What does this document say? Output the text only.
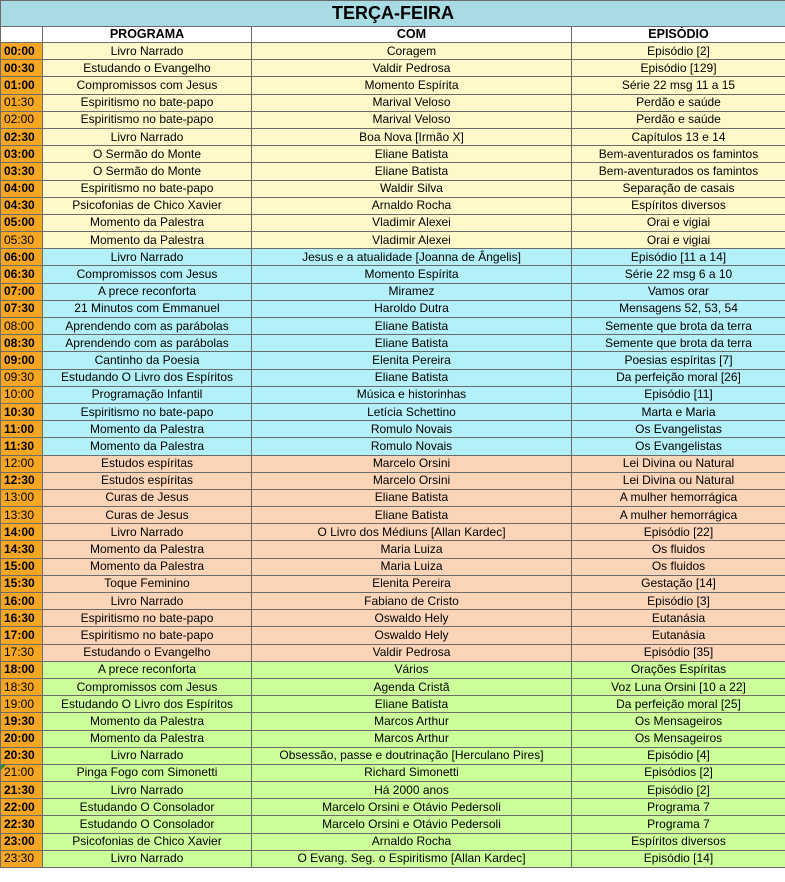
TERÇA-FEIRA			
	PROGRAMA	COM	EPISÓDIO
00:00	Livro Narrado	Coragem	Episódio [2]
00:30	Estudando o Evangelho	Valdir Pedrosa	Episódio [129]
01:00	Compromissos com Jesus	Momento Espírita	Série 22 msg 11 a 15
01:30	Espiritismo no bate-papo	Marival Veloso	Perdão e saúde
02:00	Espiritismo no bate-papo	Marival Veloso	Perdão e saúde
02:30	Livro Narrado	Boa Nova [Irmão X]	Capítulos 13 e 14
03:00	O Sermão do Monte	Eliane Batista	Bem-aventurados os famintos
03:30	O Sermão do Monte	Eliane Batista	Bem-aventurados os famintos
04:00	Espiritismo no bate-papo	Waldir Silva	Separação de casais
04:30	Psicofonias de Chico Xavier	Arnaldo Rocha	Espíritos diversos
05:00	Momento da Palestra	Vladimir Alexei	Orai e vigiai
05:30	Momento da Palestra	Vladimir Alexei	Orai e vigiai
06:00	Livro Narrado	Jesus e a atualidade [Joanna de Ângelis]	Episódio [11 a 14]
06:30	Compromissos com Jesus	Momento Espírita	Série 22 msg 6 a 10
07:00	A prece reconforta	Miramez	Vamos orar
07:30	21 Minutos com Emmanuel	Haroldo Dutra	Mensagens 52, 53, 54
08:00	Aprendendo com as parábolas	Eliane Batista	Semente que brota da terra
08:30	Aprendendo com as parábolas	Eliane Batista	Semente que brota da terra
09:00	Cantinho da Poesia	Elenita Pereira	Poesias espíritas [7]
09:30	Estudando O Livro dos Espíritos	Eliane Batista	Da perfeição moral [26]
10:00	Programação Infantil	Música e historinhas	Episódio [11]
10:30	Espiritismo no bate-papo	Letícia Schettino	Marta e Maria
11:00	Momento da Palestra	Romulo Novais	Os Evangelistas
11:30	Momento da Palestra	Romulo Novais	Os Evangelistas
12:00	Estudos espíritas	Marcelo Orsini	Lei Divina ou Natural
12:30	Estudos espíritas	Marcelo Orsini	Lei Divina ou Natural
13:00	Curas de Jesus	Eliane Batista	A mulher hemorrágica
13:30	Curas de Jesus	Eliane Batista	A mulher hemorrágica
14:00	Livro Narrado	O Livro dos Médiuns [Allan Kardec]	Episódio [22]
14:30	Momento da Palestra	Maria Luiza	Os fluidos
15:00	Momento da Palestra	Maria Luiza	Os fluidos
15:30	Toque Feminino	Elenita Pereira	Gestação [14]
16:00	Livro Narrado	Fabiano de Cristo	Episódio [3]
16:30	Espiritismo no bate-papo	Oswaldo Hely	Eutanásia
17:00	Espiritismo no bate-papo	Oswaldo Hely	Eutanásia
17:30	Estudando o Evangelho	Valdir Pedrosa	Episódio [35]
18:00	A prece reconforta	Vários	Orações Espíritas
18:30	Compromissos com Jesus	Agenda Cristã	Voz Luna Orsini [10 a 22]
19:00	Estudando O Livro dos Espíritos	Eliane Batista	Da perfeição moral [25]
19:30	Momento da Palestra	Marcos Arthur	Os Mensageiros
20:00	Momento da Palestra	Marcos Arthur	Os Mensageiros
20:30	Livro Narrado	Obsessão, passe e doutrinação [Herculano Pires]	Episódio [4]

21:00	Pinga Fogo com Simonetti	Richard Simonetti	Episódios [2]
21:30	Livro Narrado	Há 2000 anos	Episódio [2]
22:00	Estudando O Consolador	Marcelo Orsini e Otávio Pedersoli	Programa 7
22:30	Estudando O Consolador	Marcelo Orsini e Otávio Pedersoli	Programa 7
23:00	Psicofonias de Chico Xavier	Arnaldo Rocha	Espíritos diversos
23:30	Livro Narrado	O Evang. Seg. o Espiritismo [Allan Kardec]	Episódio [14]
